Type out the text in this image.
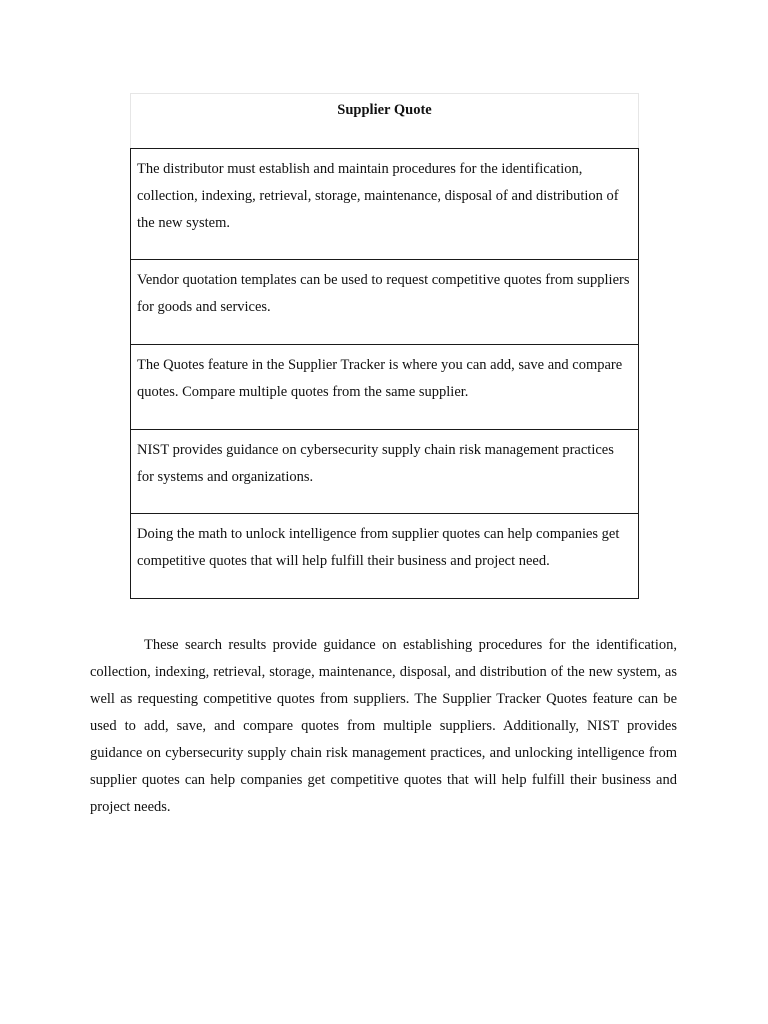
Supplier Quote

The distributor must establish and maintain procedures for the identification, collection, indexing, retrieval, storage, maintenance, disposal of and distribution of the new system.
Vendor quotation templates can be used to request competitive quotes from suppliers for goods and services.
The Quotes feature in the Supplier Tracker is where you can add, save and compare quotes. Compare multiple quotes from the same supplier.
NIST provides guidance on cybersecurity supply chain risk management practices for systems and organizations.
Doing the math to unlock intelligence from supplier quotes can help companies get competitive quotes that will help fulfill their business and project need.

These search results provide guidance on establishing procedures for the identification, collection, indexing, retrieval, storage, maintenance, disposal, and distribution of the new system, as well as requesting competitive quotes from suppliers. The Supplier Tracker Quotes feature can be used to add, save, and compare quotes from multiple suppliers. Additionally, NIST provides guidance on cybersecurity supply chain risk management practices, and unlocking intelligence from supplier quotes can help companies get competitive quotes that will help fulfill their business and project needs.
